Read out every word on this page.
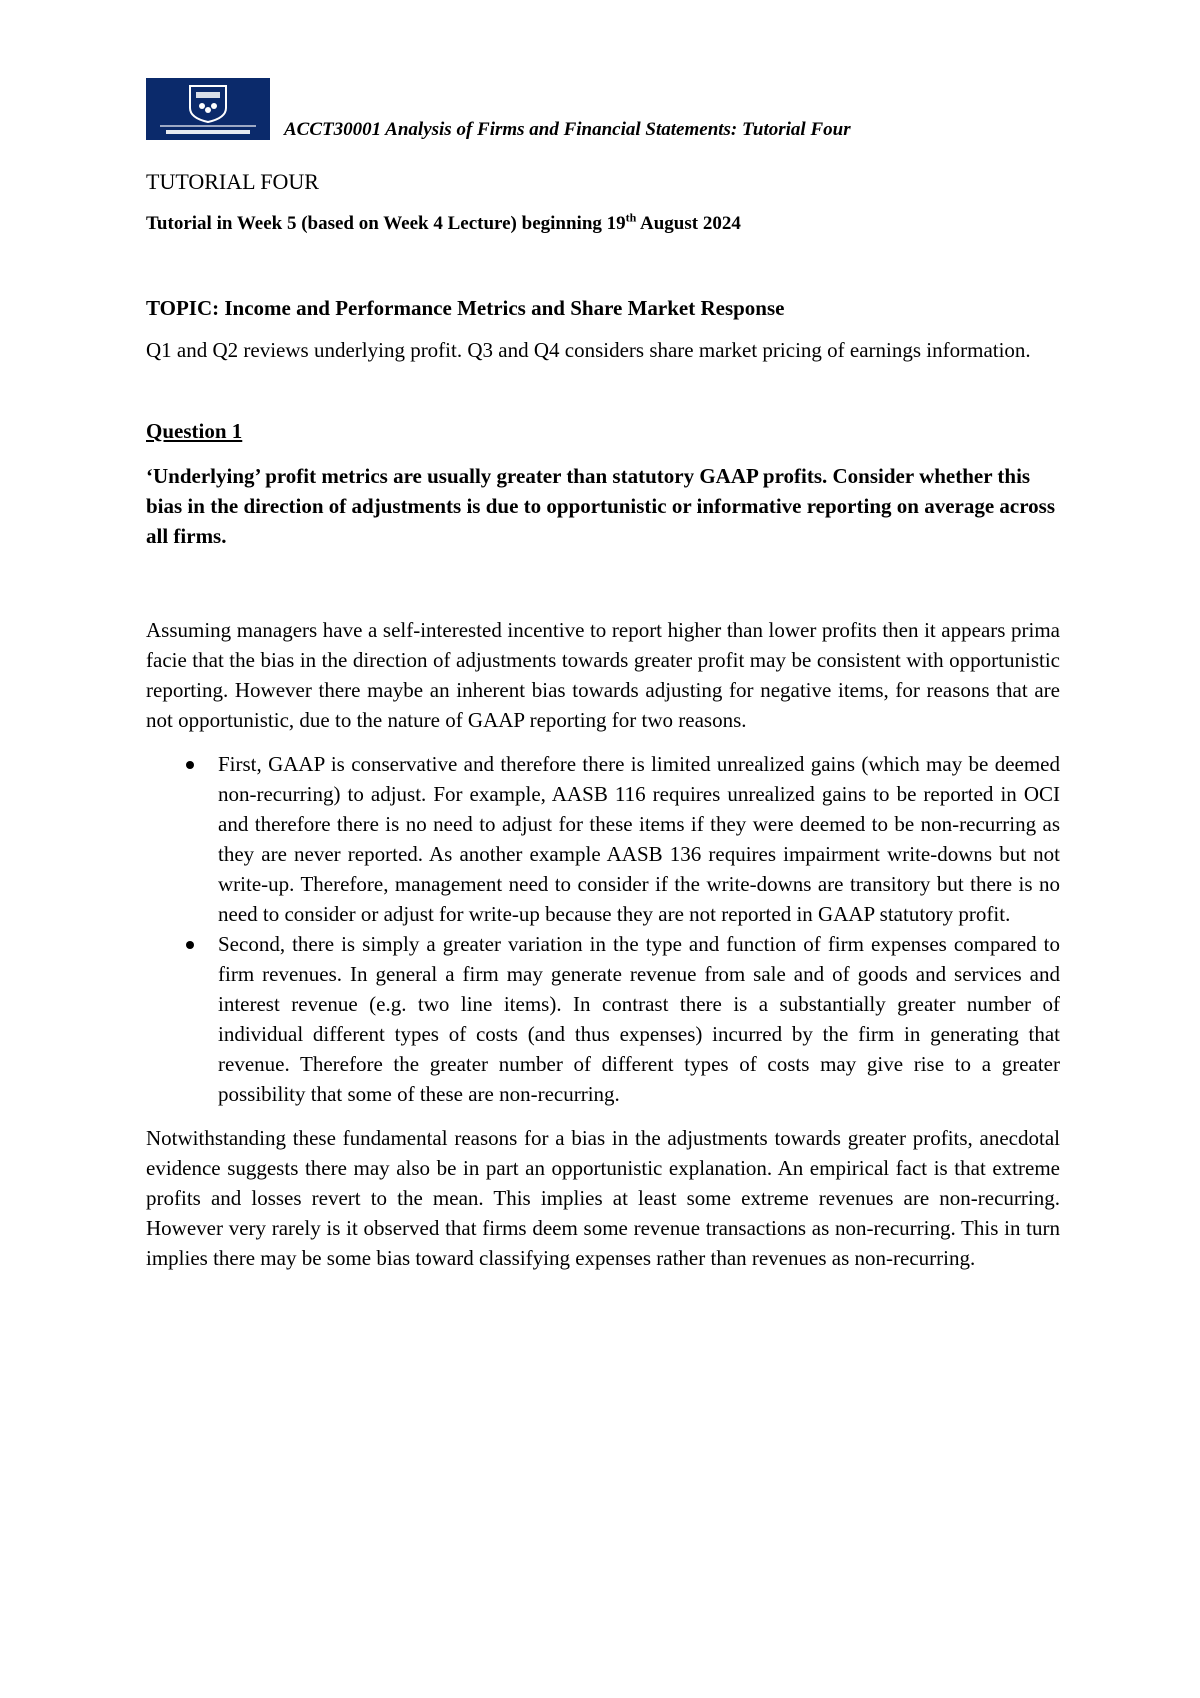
ACCT30001 Analysis of Firms and Financial Statements: Tutorial Four
TUTORIAL FOUR
Tutorial in Week 5 (based on Week 4 Lecture) beginning 19th August 2024
TOPIC: Income and Performance Metrics and Share Market Response
Q1 and Q2 reviews underlying profit. Q3 and Q4 considers share market pricing of earnings information.
Question 1
‘Underlying’ profit metrics are usually greater than statutory GAAP profits. Consider whether this bias in the direction of adjustments is due to opportunistic or informative reporting on average across all firms.

Assuming managers have a self-interested incentive to report higher than lower profits then it appears prima facie that the bias in the direction of adjustments towards greater profit may be consistent with opportunistic reporting. However there maybe an inherent bias towards adjusting for negative items, for reasons that are not opportunistic, due to the nature of GAAP reporting for two reasons.

First, GAAP is conservative and therefore there is limited unrealized gains (which may be deemed non-recurring) to adjust. For example, AASB 116 requires unrealized gains to be reported in OCI and therefore there is no need to adjust for these items if they were deemed to be non-recurring as they are never reported. As another example AASB 136 requires impairment write-downs but not write-up. Therefore, management need to consider if the write-downs are transitory but there is no need to consider or adjust for write-up because they are not reported in GAAP statutory profit.
Second, there is simply a greater variation in the type and function of firm expenses compared to firm revenues. In general a firm may generate revenue from sale and of goods and services and interest revenue (e.g. two line items). In contrast there is a substantially greater number of individual different types of costs (and thus expenses) incurred by the firm in generating that revenue. Therefore the greater number of different types of costs may give rise to a greater possibility that some of these are non-recurring.

Notwithstanding these fundamental reasons for a bias in the adjustments towards greater profits, anecdotal evidence suggests there may also be in part an opportunistic explanation. An empirical fact is that extreme profits and losses revert to the mean. This implies at least some extreme revenues are non-recurring. However very rarely is it observed that firms deem some revenue transactions as non-recurring. This in turn implies there may be some bias toward classifying expenses rather than revenues as non-recurring.
